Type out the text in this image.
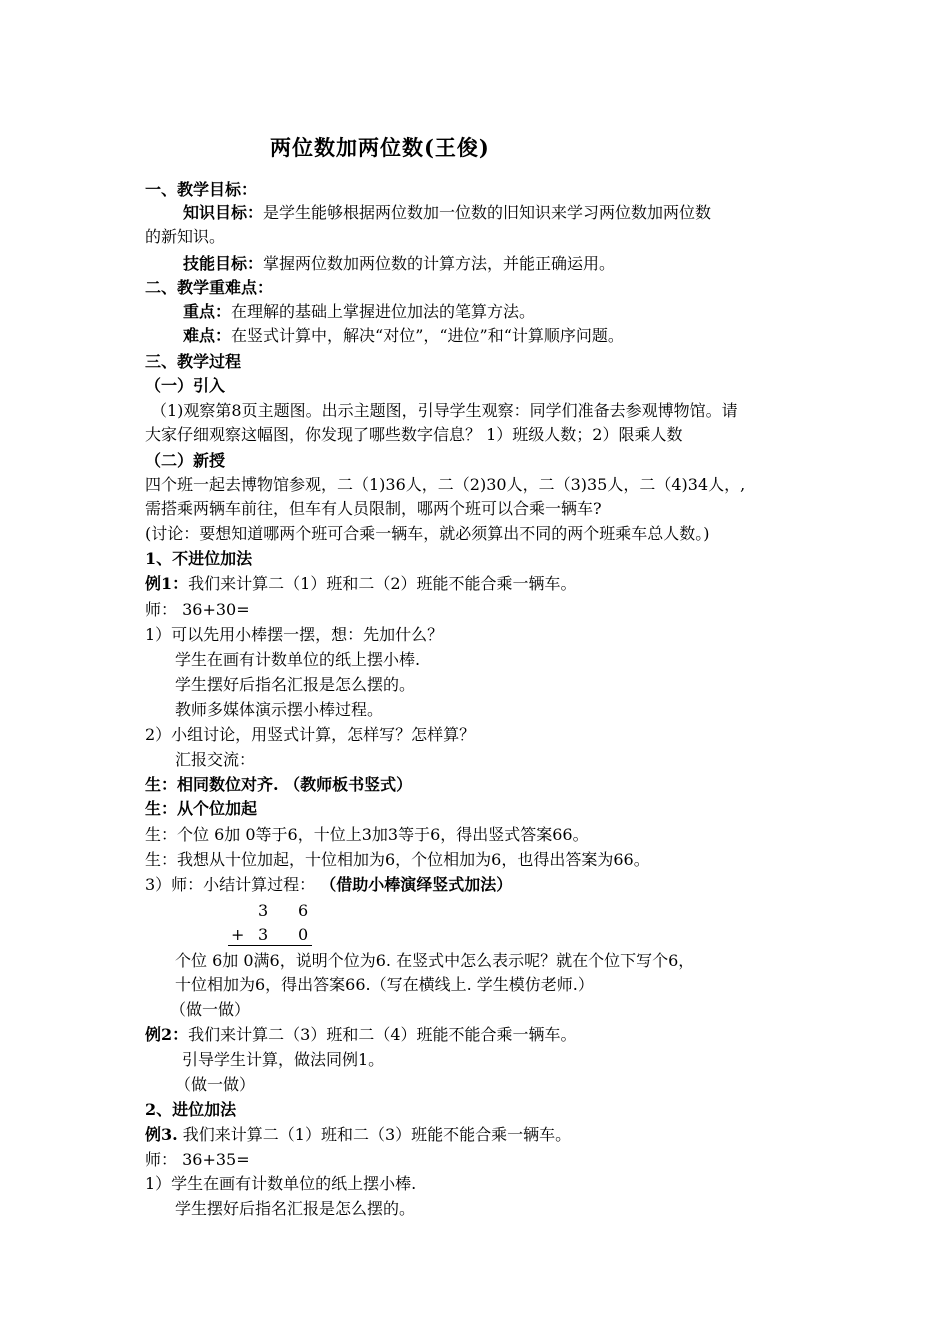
两位数加两位数(王俊)
一、教学目标：
知识目标：是学生能够根据两位数加一位数的旧知识来学习两位数加两位数
的新知识。
技能目标：掌握两位数加两位数的计算方法，并能正确运用。
二、教学重难点：
重点：在理解的基础上掌握进位加法的笔算方法。
难点：在竖式计算中，解决“对位”，“进位”和“计算顺序问题。
三、教学过程
（一）引入
（1)观察第8页主题图。出示主题图，引导学生观察：同学们准备去参观博物馆。请
大家仔细观察这幅图，你发现了哪些数字信息？ 1）班级人数；2）限乘人数
（二）新授
四个班一起去博物馆参观，二（1)36人，二（2)30人，二（3)35人，二（4)34人，,
需搭乘两辆车前往，但车有人员限制，哪两个班可以合乘一辆车?
(讨论：要想知道哪两个班可合乘一辆车，就必须算出不同的两个班乘车总人数。)
1、不进位加法
例1：我们来计算二（1）班和二（2）班能不能合乘一辆车。
师： 36+30=
1）可以先用小棒摆一摆，想：先加什么？
学生在画有计数单位的纸上摆小棒.
学生摆好后指名汇报是怎么摆的。
教师多媒体演示摆小棒过程。
2）小组讨论，用竖式计算，怎样写？怎样算？
汇报交流：
生：相同数位对齐. （教师板书竖式）
生：从个位加起
生：个位 6加 0等于6，十位上3加3等于6，得出竖式答案66。
生：我想从十位加起，十位相加为6，个位相加为6，也得出答案为66。
3）师：小结计算过程： （借助小棒演绎竖式加法）
3 6
+ 3 0
个位 6加 0满6，说明个位为6. 在竖式中怎么表示呢？就在个位下写个6，
十位相加为6，得出答案66.（写在横线上. 学生模仿老师.）
（做一做）
例2：我们来计算二（3）班和二（4）班能不能合乘一辆车。
引导学生计算，做法同例1。
（做一做）
2、进位加法
例3. 我们来计算二（1）班和二（3）班能不能合乘一辆车。
师： 36+35=
1）学生在画有计数单位的纸上摆小棒.
学生摆好后指名汇报是怎么摆的。
